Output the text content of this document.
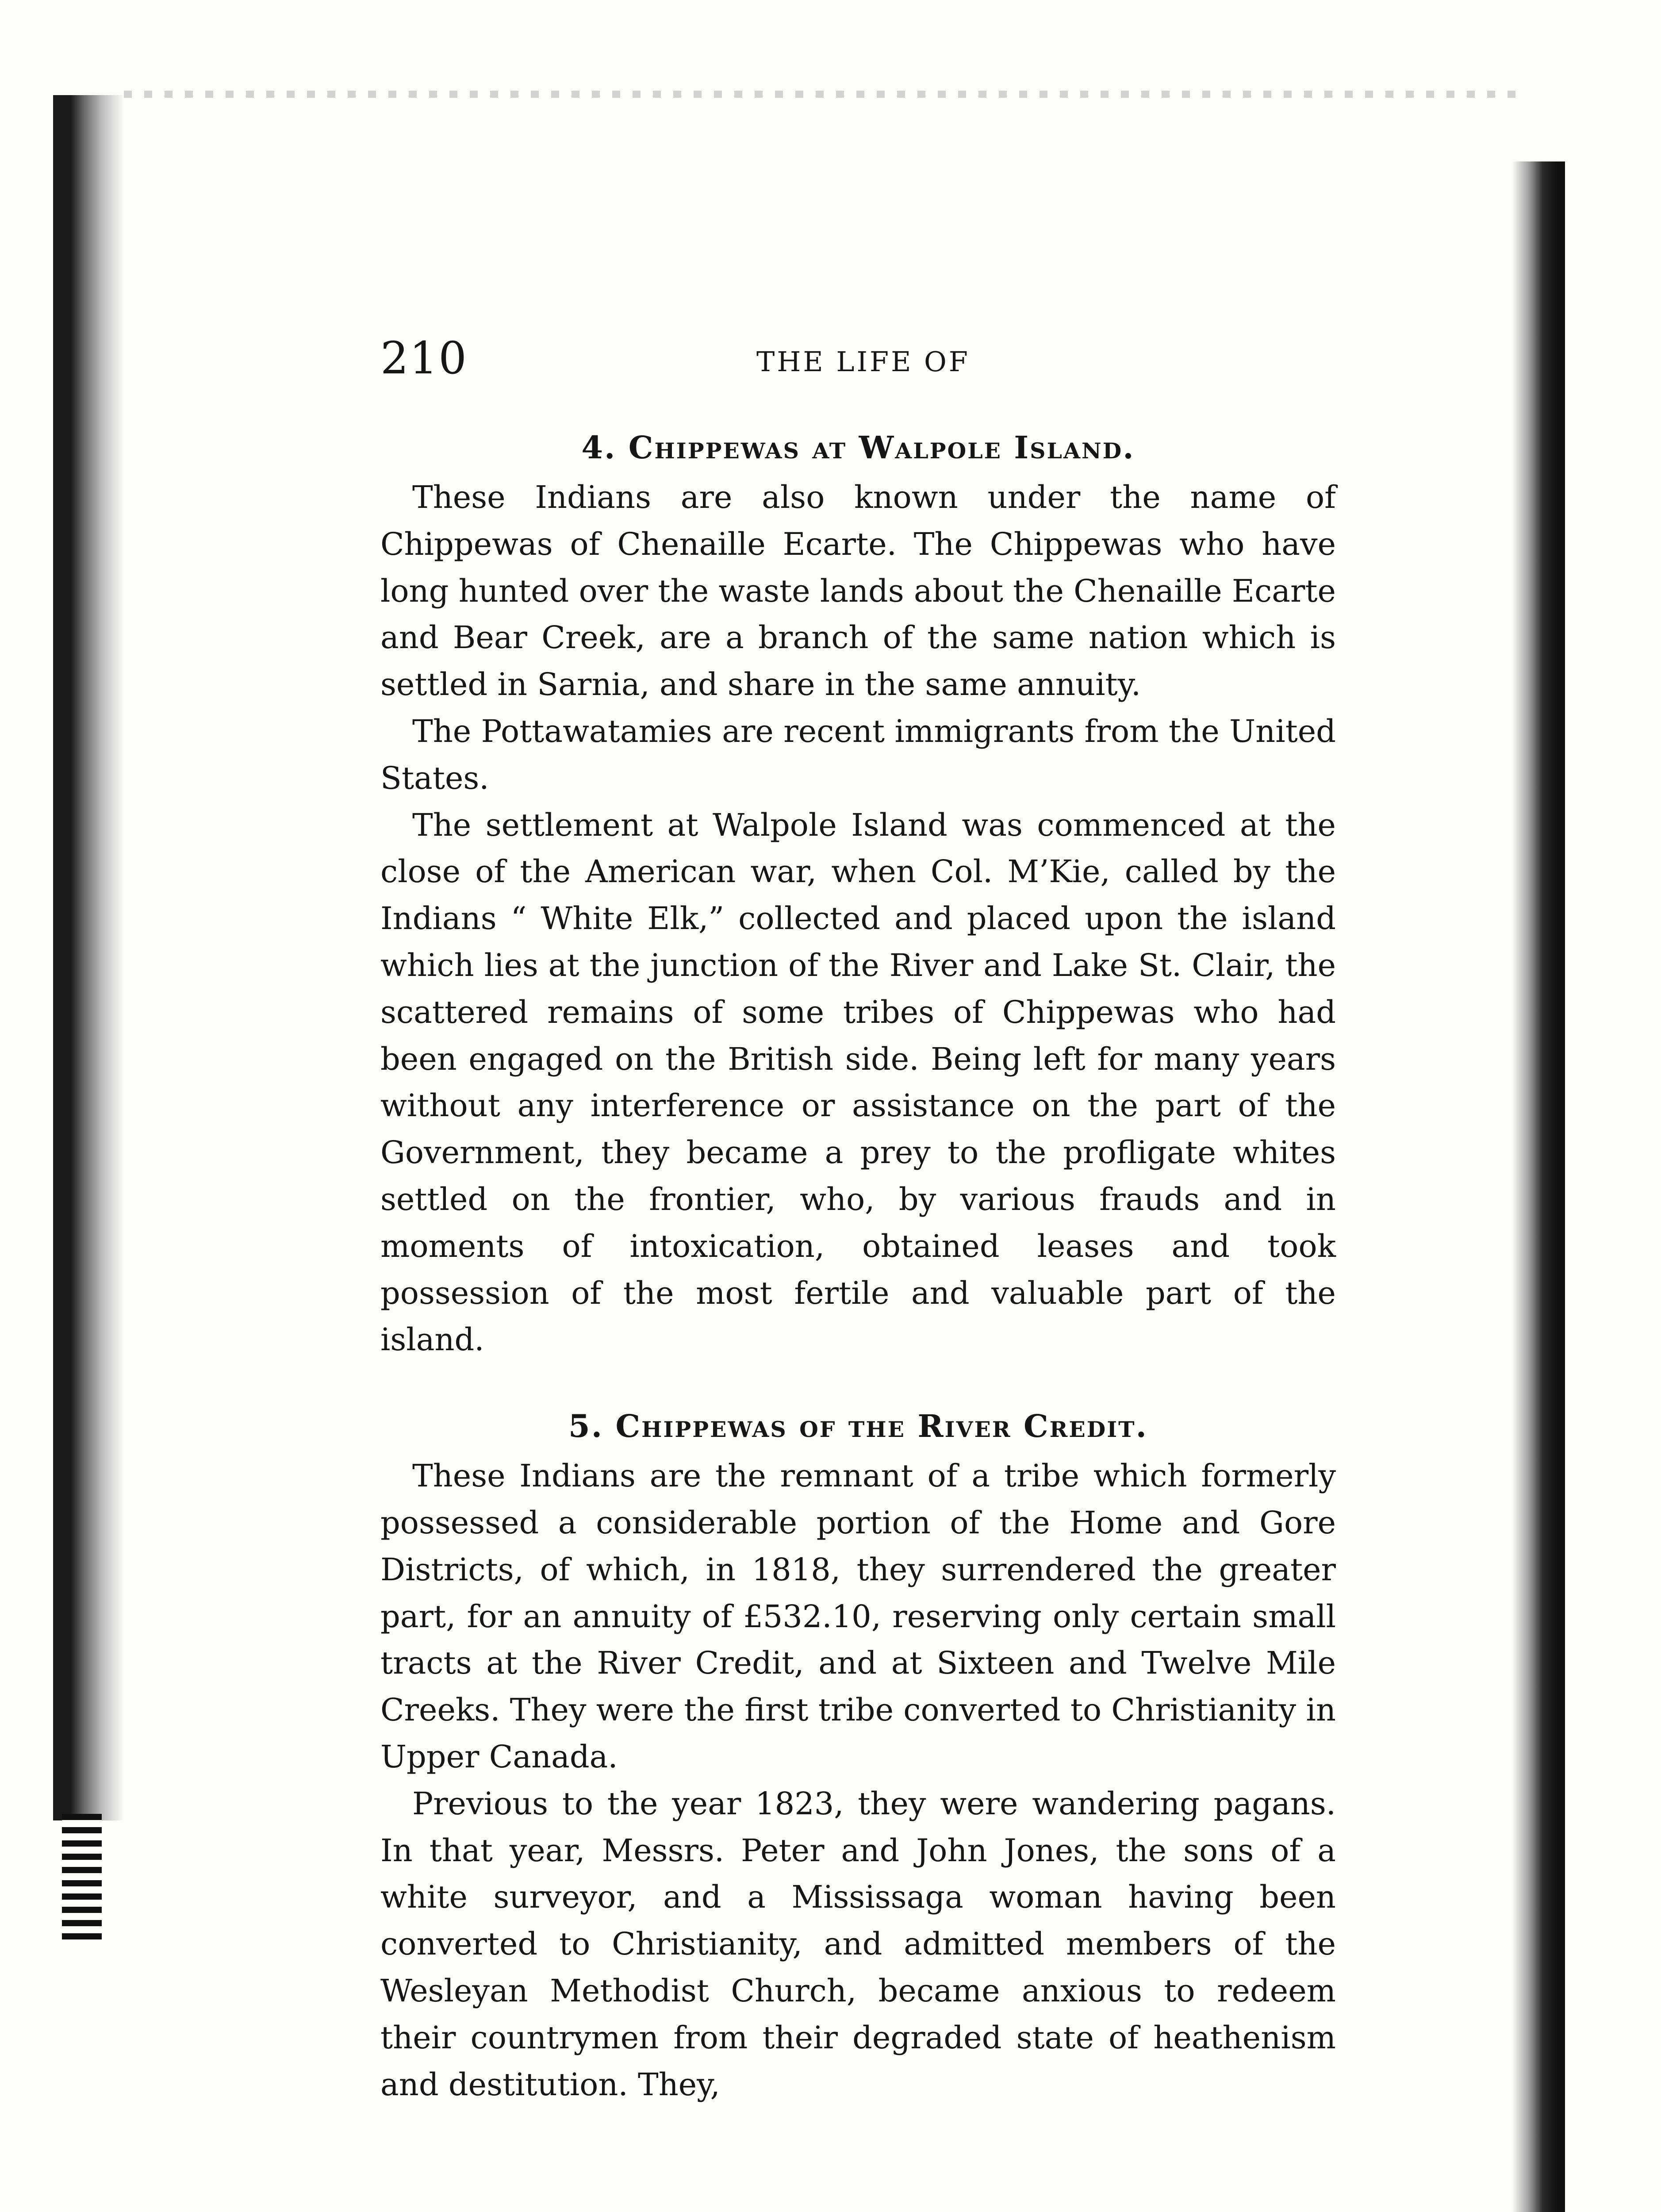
210	THE LIFE OF
4. Chippewas at Walpole Island.

These Indians are also known under the name of Chippewas of Chenaille Ecarte. The Chippewas who have long hunted over the waste lands about the Chenaille Ecarte and Bear Creek, are a branch of the same nation which is settled in Sarnia, and share in the same annuity.

The Pottawatamies are recent immigrants from the United States.

The settlement at Walpole Island was commenced at the close of the American war, when Col. M’Kie, called by the Indians “ White Elk,” collected and placed upon the island which lies at the junction of the River and Lake St. Clair, the scattered remains of some tribes of Chippewas who had been engaged on the British side. Being left for many years without any interference or assistance on the part of the Government, they became a prey to the profligate whites settled on the frontier, who, by various frauds and in moments of intoxication, obtained leases and took possession of the most fertile and valuable part of the island.

5. Chippewas of the River Credit.

These Indians are the remnant of a tribe which formerly possessed a considerable portion of the Home and Gore Districts, of which, in 1818, they surrendered the greater part, for an annuity of £532.10, reserving only certain small tracts at the River Credit, and at Sixteen and Twelve Mile Creeks. They were the first tribe converted to Christianity in Upper Canada.

Previous to the year 1823, they were wandering pagans. In that year, Messrs. Peter and John Jones, the sons of a white surveyor, and a Mississaga woman having been converted to Christianity, and admitted members of the Wesleyan Methodist Church, became anxious to redeem their countrymen from their degraded state of heathenism and destitution. They,
